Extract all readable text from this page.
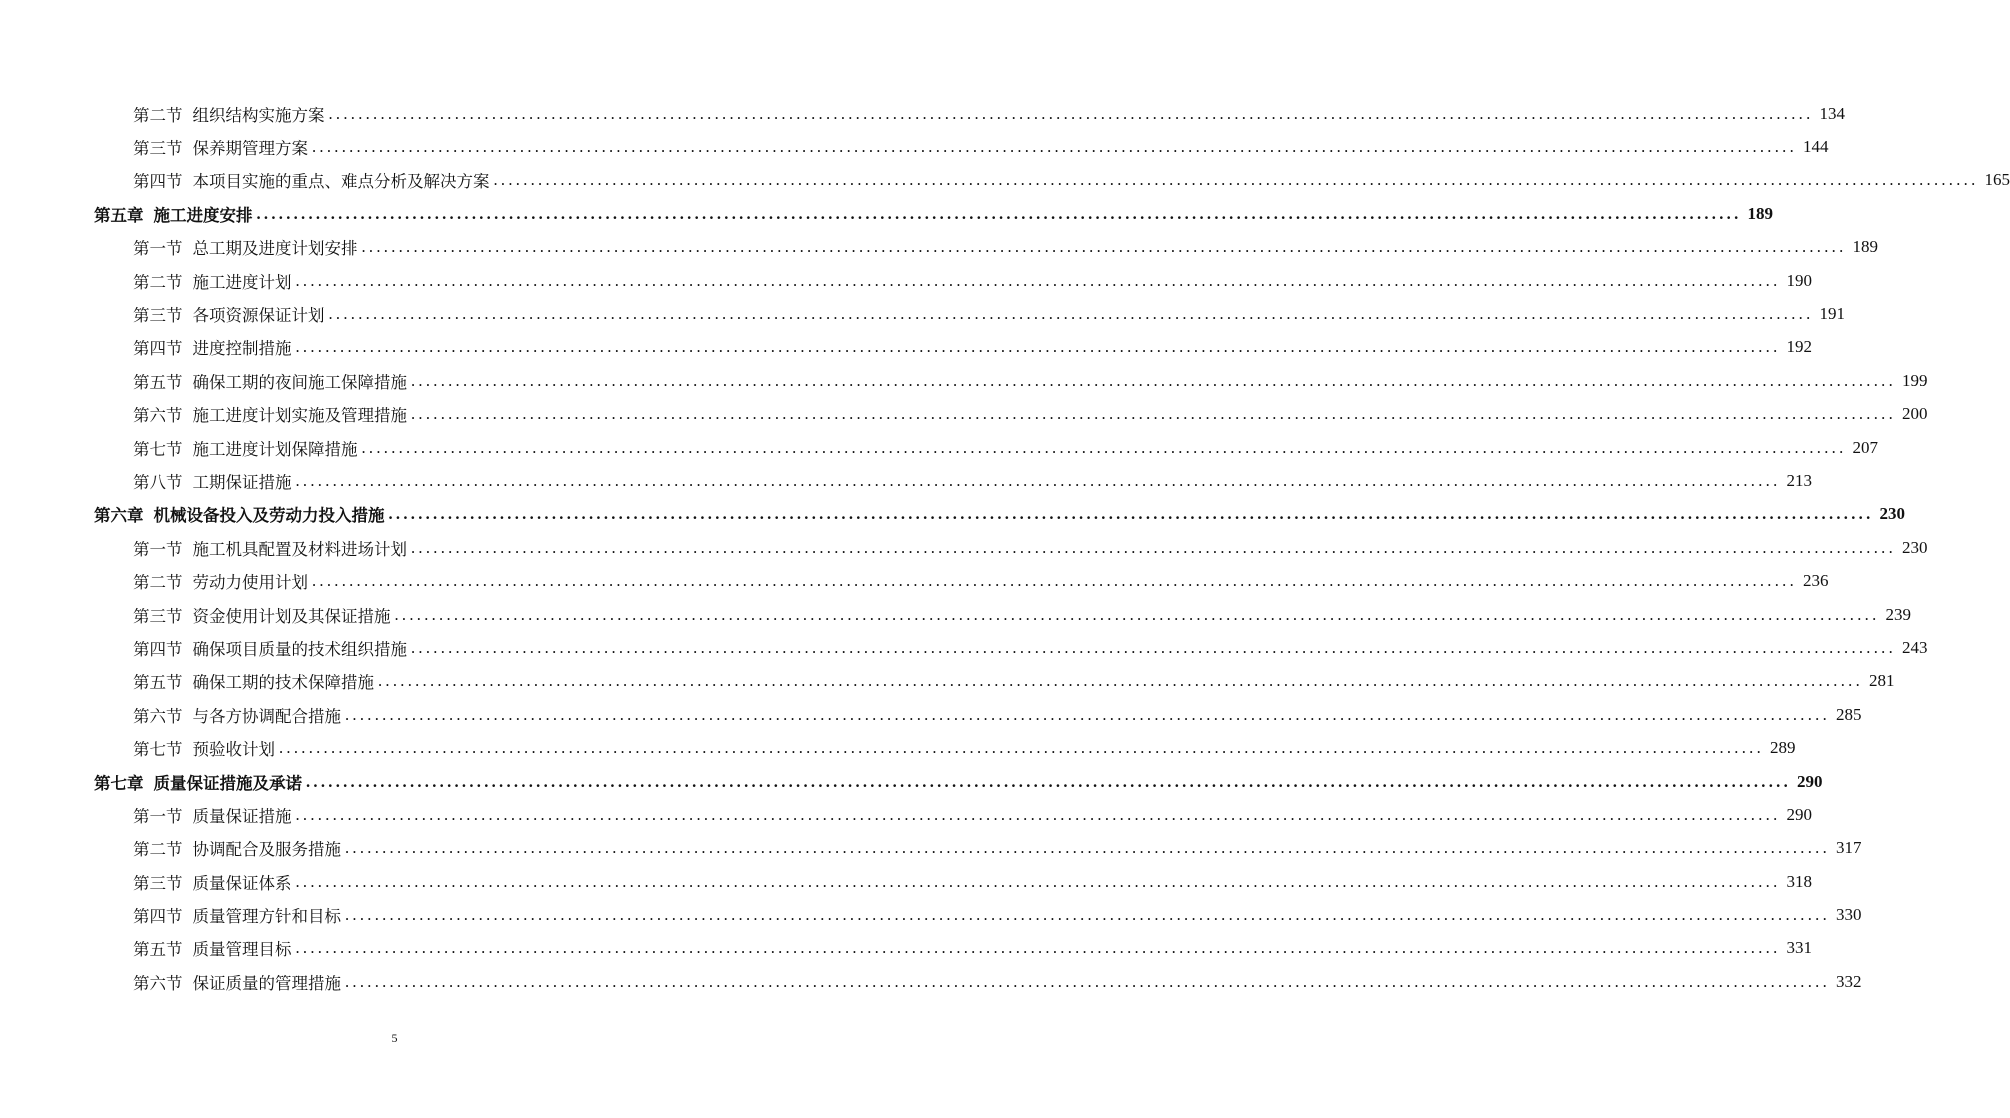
第二节 组织结构实施方案 ........................................................................................................................................................................................................ 134
第三节 保养期管理方案 ........................................................................................................................................................................................................ 144
第四节 本项目实施的重点、难点分析及解决方案 ........................................................................................................................................................................................................ 165
第五章 施工进度安排 ........................................................................................................................................................................................................ 189
第一节 总工期及进度计划安排 ........................................................................................................................................................................................................ 189
第二节 施工进度计划 ........................................................................................................................................................................................................ 190
第三节 各项资源保证计划 ........................................................................................................................................................................................................ 191
第四节 进度控制措施 ........................................................................................................................................................................................................ 192
第五节 确保工期的夜间施工保障措施 ........................................................................................................................................................................................................ 199
第六节 施工进度计划实施及管理措施 ........................................................................................................................................................................................................ 200
第七节 施工进度计划保障措施 ........................................................................................................................................................................................................ 207
第八节 工期保证措施 ........................................................................................................................................................................................................ 213
第六章 机械设备投入及劳动力投入措施 ........................................................................................................................................................................................................ 230
第一节 施工机具配置及材料进场计划 ........................................................................................................................................................................................................ 230
第二节 劳动力使用计划 ........................................................................................................................................................................................................ 236
第三节 资金使用计划及其保证措施 ........................................................................................................................................................................................................ 239
第四节 确保项目质量的技术组织措施 ........................................................................................................................................................................................................ 243
第五节 确保工期的技术保障措施 ........................................................................................................................................................................................................ 281
第六节 与各方协调配合措施 ........................................................................................................................................................................................................ 285
第七节 预验收计划 ........................................................................................................................................................................................................ 289
第七章 质量保证措施及承诺 ........................................................................................................................................................................................................ 290
第一节 质量保证措施 ........................................................................................................................................................................................................ 290
第二节 协调配合及服务措施 ........................................................................................................................................................................................................ 317
第三节 质量保证体系 ........................................................................................................................................................................................................ 318
第四节 质量管理方针和目标 ........................................................................................................................................................................................................ 330
第五节 质量管理目标 ........................................................................................................................................................................................................ 331
第六节 保证质量的管理措施 ........................................................................................................................................................................................................ 332
5
